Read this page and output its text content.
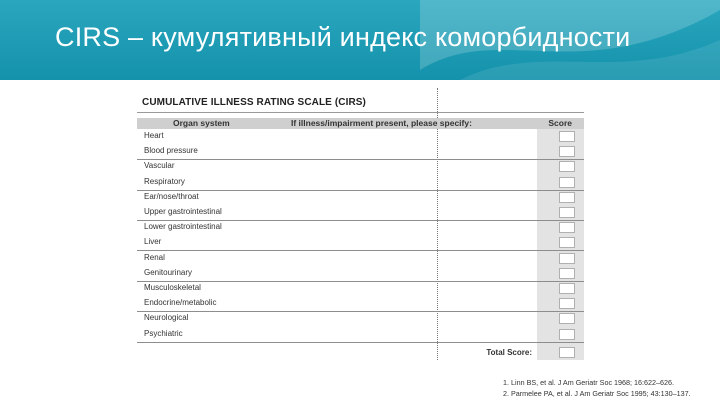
CIRS – кумулятивный индекс коморбидности
CUMULATIVE ILLNESS RATING SCALE (CIRS)
Organ system	If illness/impairment present, please specify:	Score
Heart
Blood pressure
Vascular
Respiratory
Ear/nose/throat
Upper gastrointestinal
Lower gastrointestinal
Liver
Renal
Genitourinary
Musculoskeletal
Endocrine/metabolic
Neurological
Psychiatric
Total Score:
1. Linn BS, et al. J Am Geriatr Soc 1968; 16:622–626.
2. Parmelee PA, et al. J Am Geriatr Soc 1995; 43:130–137.
